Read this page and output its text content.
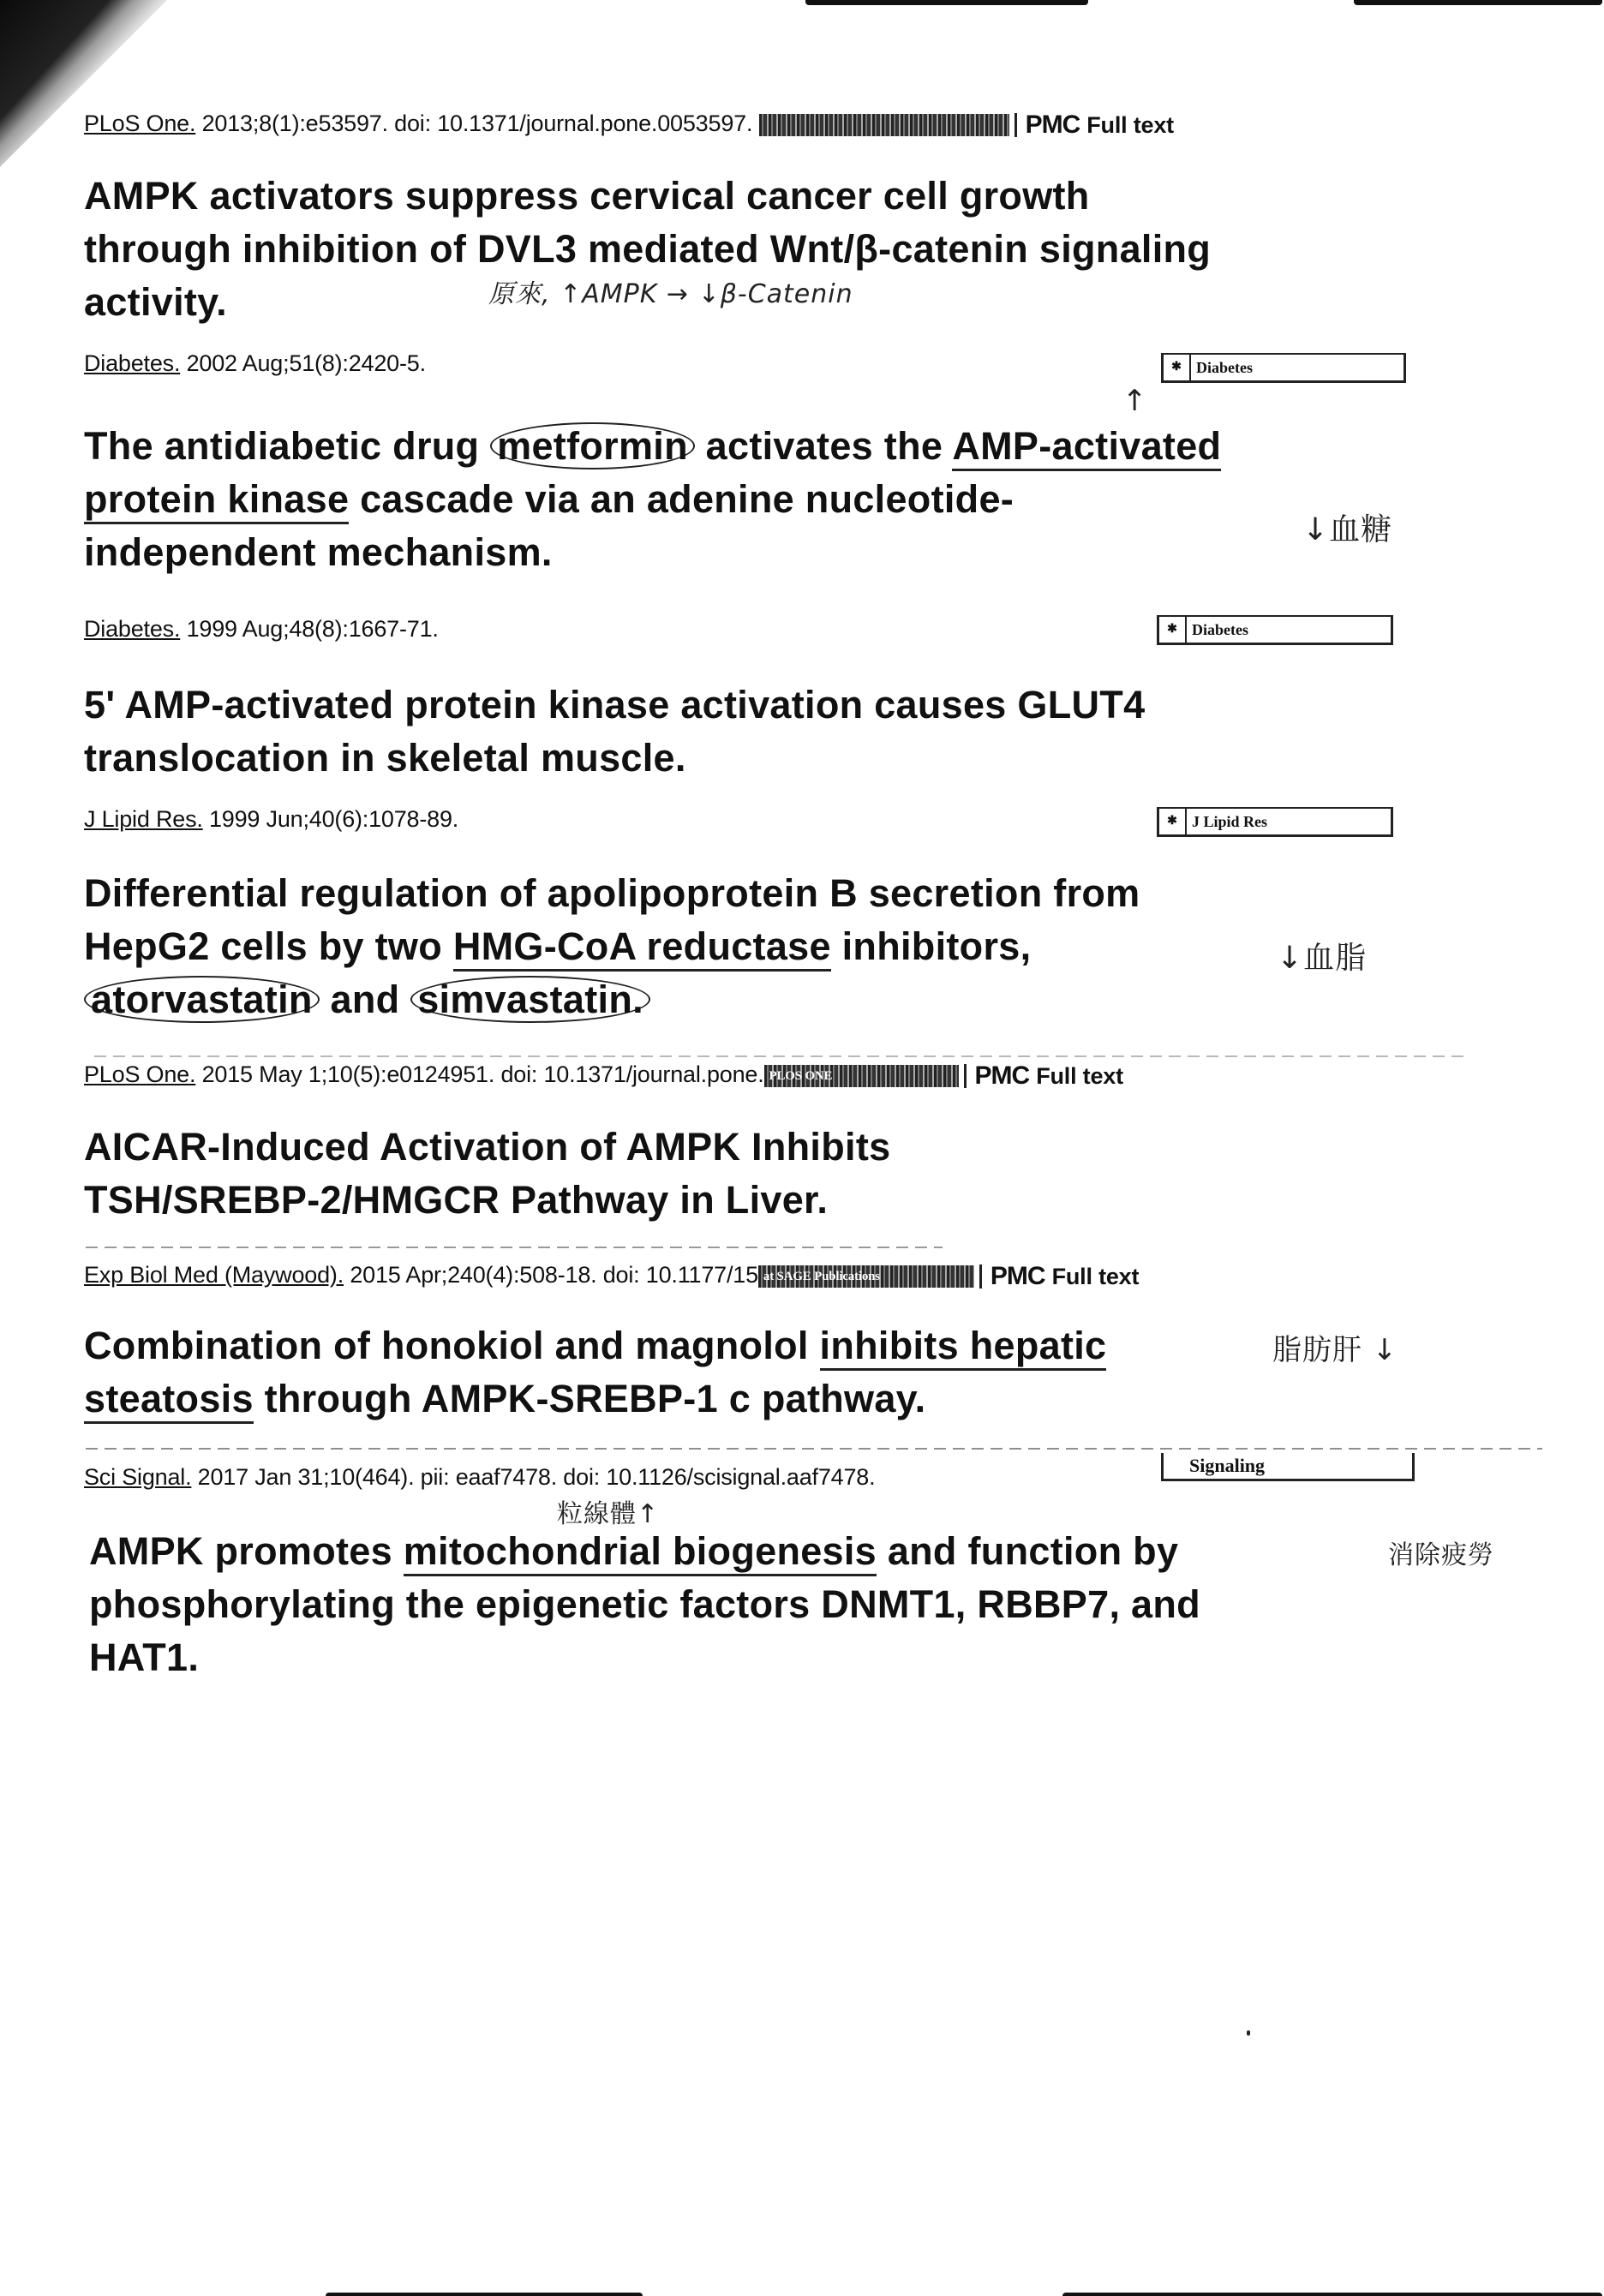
PLoS One. 2013;8(1):e53597. doi: 10.1371/journal.pone.0053597.	PMC Full text
AMPK activators suppress cervical cancer cell growth
through inhibition of DVL3 mediated Wnt/β-catenin signaling
activity.	原來, ↑AMPK → ↓β-Catenin
Diabetes. 2002 Aug;51(8):2420-5.	✱ Diabetes
↑
The antidiabetic drug metformin activates the AMP-activated
protein kinase cascade via an adenine nucleotide-
independent mechanism.
↓血糖
Diabetes. 1999 Aug;48(8):1667-71.	✱ Diabetes
5' AMP-activated protein kinase activation causes GLUT4
translocation in skeletal muscle.
J Lipid Res. 1999 Jun;40(6):1078-89.	✱ J Lipid Res
Differential regulation of apolipoprotein B secretion from
HepG2 cells by two HMG-CoA reductase inhibitors,
atorvastatin and simvastatin.
↓血脂
PLoS One. 2015 May 1;10(5):e0124951. doi: 10.1371/journal.pone. PLOS ONE	PMC Full text
AICAR-Induced Activation of AMPK Inhibits
TSH/SREBP-2/HMGCR Pathway in Liver.
Exp Biol Med (Maywood). 2015 Apr;240(4):508-18. doi: 10.1177/15 at SAGE Publications	PMC Full text
Combination of honokiol and magnolol inhibits hepatic
steatosis through AMPK-SREBP-1 c pathway.
脂肪肝 ↓
Sci Signal. 2017 Jan 31;10(464). pii: eaaf7478. doi: 10.1126/scisignal.aaf7478.	Signaling
粒線體↑
AMPK promotes mitochondrial biogenesis and function by
phosphorylating the epigenetic factors DNMT1, RBBP7, and
HAT1.
消除疲勞
